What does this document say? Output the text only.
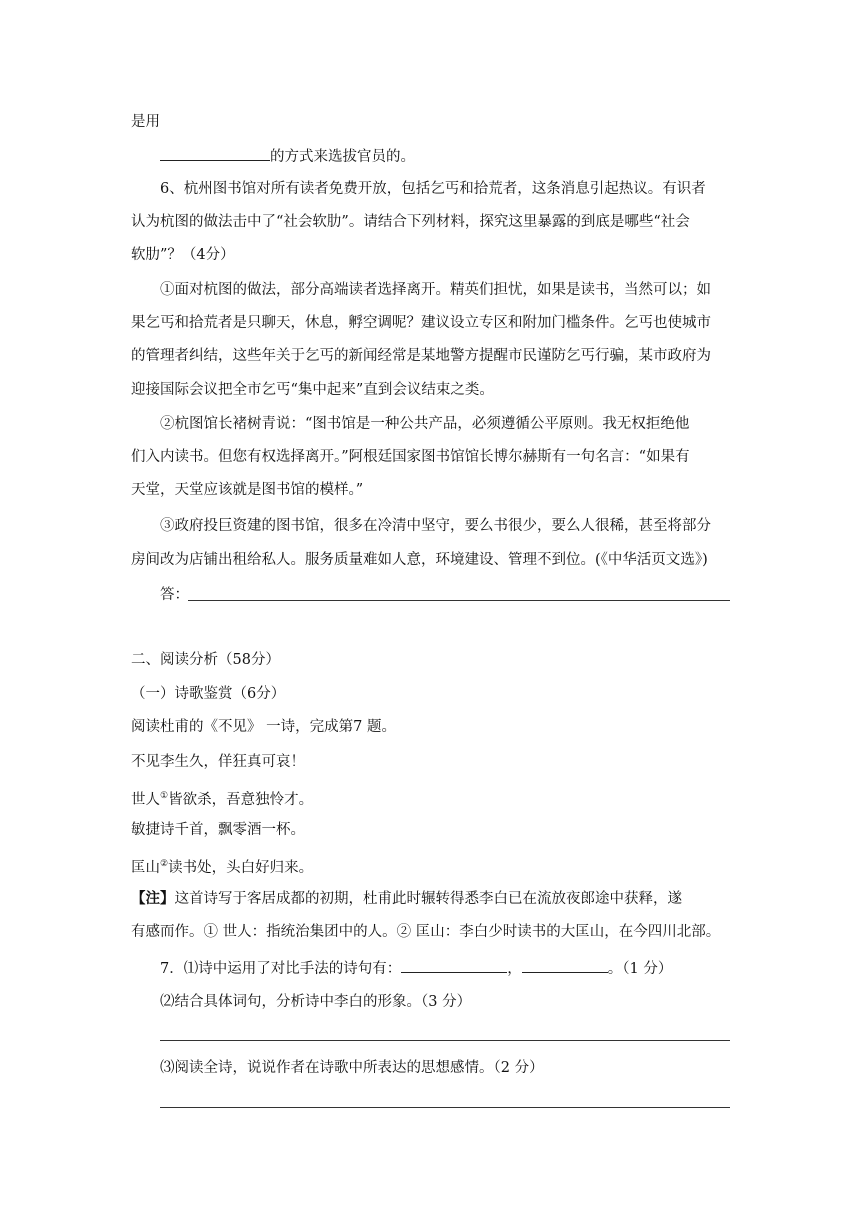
是用
的方式来选拔官员的。
6、杭州图书馆对所有读者免费开放，包括乞丐和拾荒者，这条消息引起热议。有识者
认为杭图的做法击中了“社会软肋”。请结合下列材料，探究这里暴露的到底是哪些“社会
软肋”？（4分）
①面对杭图的做法，部分高端读者选择离开。精英们担忧，如果是读书，当然可以；如
果乞丐和拾荒者是只聊天，休息，孵空调呢？建议设立专区和附加门槛条件。乞丐也使城市
的管理者纠结，这些年关于乞丐的新闻经常是某地警方提醒市民谨防乞丐行骗，某市政府为
迎接国际会议把全市乞丐“集中起来”直到会议结束之类。
②杭图馆长褚树青说：“图书馆是一种公共产品，必须遵循公平原则。我无权拒绝他
们入内读书。但您有权选择离开。”阿根廷国家图书馆馆长博尔赫斯有一句名言：“如果有
天堂，天堂应该就是图书馆的模样。”
③政府投巨资建的图书馆，很多在冷清中坚守，要么书很少，要么人很稀，甚至将部分
房间改为店铺出租给私人。服务质量难如人意，环境建设、管理不到位。(《中华活页文选》)
答：
二、阅读分析（58分）
（一）诗歌鉴赏（6分）
阅读杜甫的《不见》 一诗，完成第7 题。
不见李生久，佯狂真可哀！
世人①皆欲杀，吾意独怜才。
敏捷诗千首，飘零酒一杯。
匡山②读书处，头白好归来。
【注】这首诗写于客居成都的初期，杜甫此时辗转得悉李白已在流放夜郎途中获释，遂
有感而作。① 世人：指统治集团中的人。② 匡山：李白少时读书的大匡山，在今四川北部。
7．⑴诗中运用了对比手法的诗句有：	，	。（1 分）
⑵结合具体词句，分析诗中李白的形象。（3 分）
⑶阅读全诗，说说作者在诗歌中所表达的思想感情。（2 分）
